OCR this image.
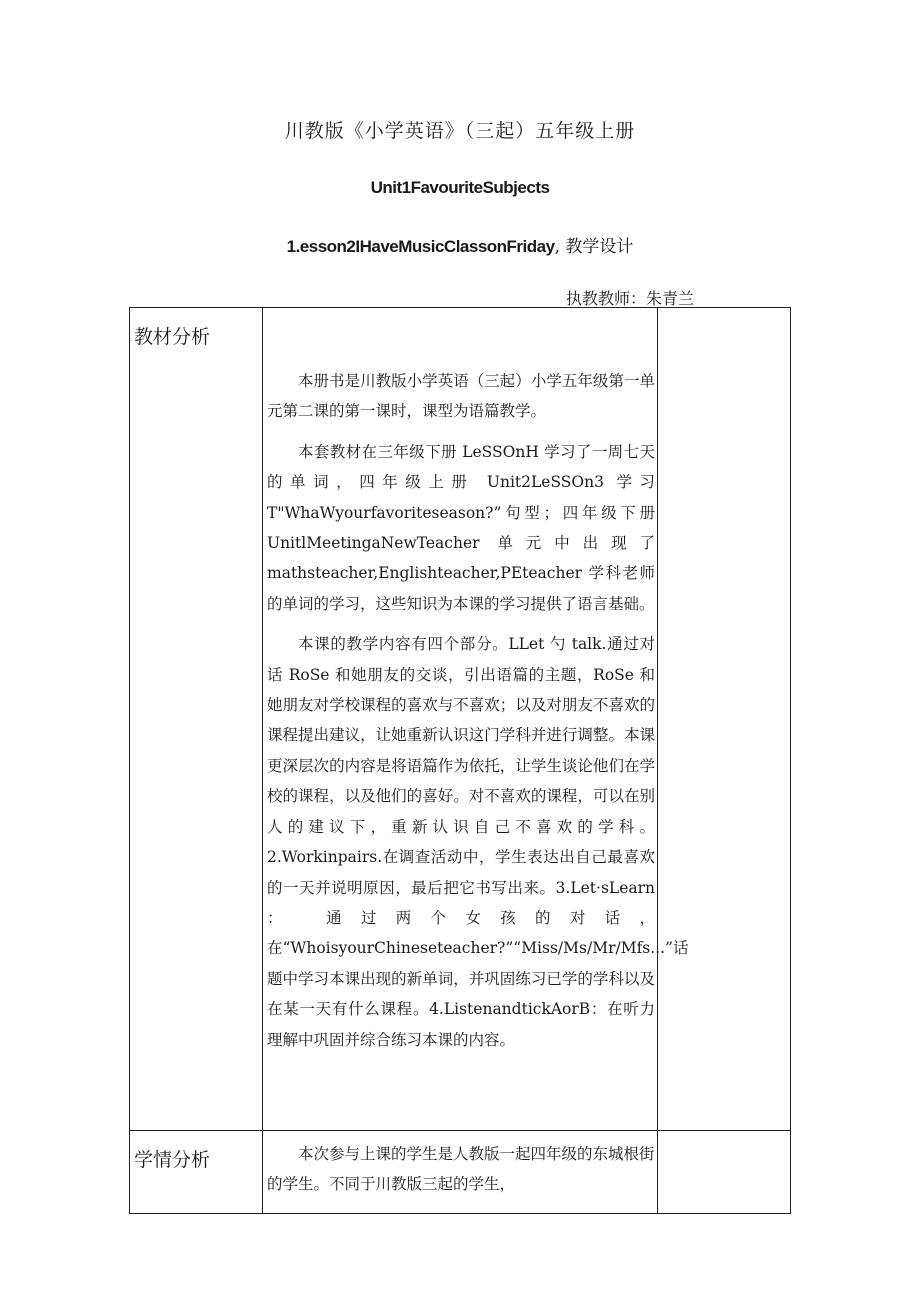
川教版《小学英语》（三起）五年级上册
Unit1FavouriteSubjects
1.esson2IHaveMusicClassonFriday, 教学设计
执教教师：朱青兰
教材分析	本册书是川教版小学英语（三起）小学五年级第一单元第二课的第一课时，课型为语篇教学。

本套教材在三年级下册 LeSSOnH 学习了一周七天的单词，四年级上册 Unit2LeSSOn3 学习T"WhaWyourfavoriteseason?”句型；四年级下册 UnitlMeetingaNewTeacher 单元中出现了 mathsteacher,Englishteacher,PEteacher 学科老师的单词的学习，这些知识为本课的学习提供了语言基础。

本课的教学内容有四个部分。LLet 勺 talk.通过对话 RoSe 和她朋友的交谈，引出语篇的主题，RoSe 和她朋友对学校课程的喜欢与不喜欢；以及对朋友不喜欢的课程提出建议，让她重新认识这门学科并进行调整。本课更深层次的内容是将语篇作为依托，让学生谈论他们在学校的课程，以及他们的喜好。对不喜欢的课程，可以在别人的建议下，重新认识自己不喜欢的学科。2.Workinpairs.在调查活动中，学生表达出自己最喜欢的一天并说明原因，最后把它书写出来。3.Let·sLearn ： 通过两个女孩的对话，在“WhoisyourChineseteacher?”“Miss/Ms/Mr/Mfs...”话题中学习本课出现的新单词，并巩固练习已学的学科以及在某一天有什么课程。4.ListenandtickAorB：在听力理解中巩固并综合练习本课的内容。	

学情分析	本次参与上课的学生是人教版一起四年级的东城根街的学生。不同于川教版三起的学生，	
